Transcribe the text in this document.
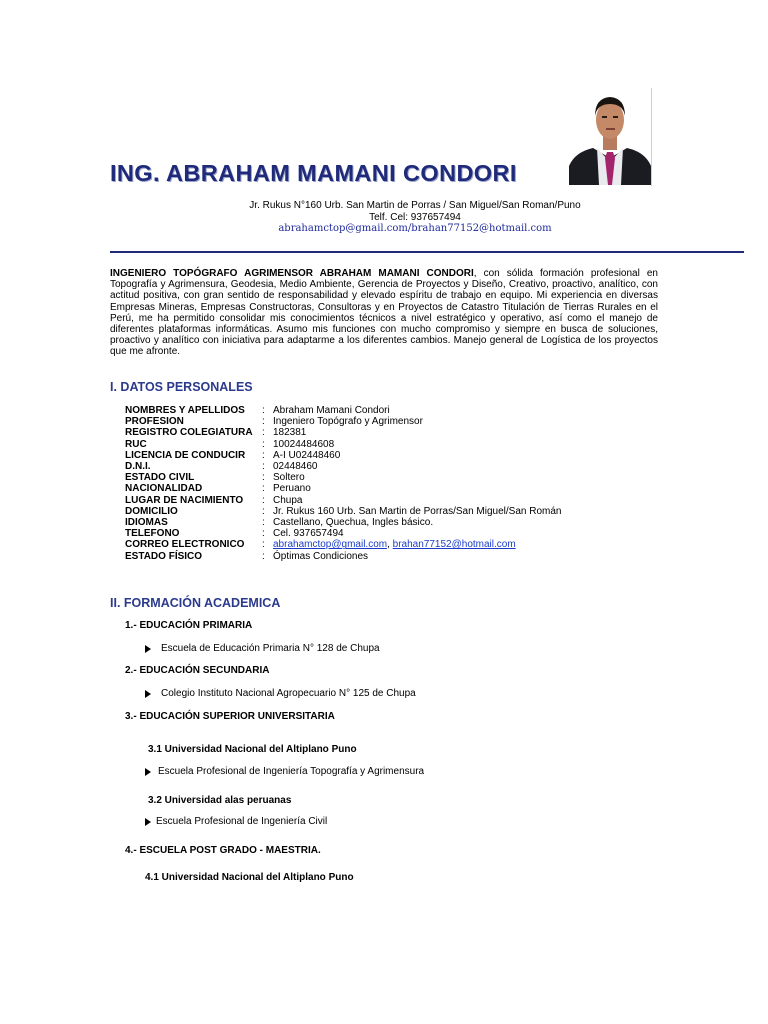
ING. ABRAHAM MAMANI CONDORI
Jr. Rukus N°160 Urb. San Martin de Porras / San Miguel/San Roman/Puno
Telf. Cel: 937657494
abrahamctop@gmail.com/brahan77152@hotmail.com
INGENIERO TOPÓGRAFO AGRIMENSOR ABRAHAM MAMANI CONDORI, con sólida formación profesional en Topografía y Agrimensura, Geodesia, Medio Ambiente, Gerencia de Proyectos y Diseño, Creativo, proactivo, analítico, con actitud positiva, con gran sentido de responsabilidad y elevado espíritu de trabajo en equipo. Mi experiencia en diversas Empresas Mineras, Empresas Constructoras, Consultoras y en Proyectos de Catastro Titulación de Tierras Rurales en el Perú, me ha permitido consolidar mis conocimientos técnicos a nivel estratégico y operativo, así como el manejo de diferentes plataformas informáticas. Asumo mis funciones con mucho compromiso y siempre en busca de soluciones, proactivo y analítico con iniciativa para adaptarme a los diferentes cambios. Manejo general de Logística de los proyectos que me afronte.
I. DATOS PERSONALES
NOMBRES Y APELLIDOS	: Abraham Mamani Condori
PROFESION	: Ingeniero Topógrafo y Agrimensor
REGISTRO COLEGIATURA : 182381
RUC	: 10024484608
LICENCIA DE CONDUCIR	: A-I U02448460
D.N.I.	: 02448460
ESTADO CIVIL	: Soltero
NACIONALIDAD	: Peruano
LUGAR DE NACIMIENTO	: Chupa
DOMICILIO	: Jr. Rukus 160 Urb. San Martin de Porras/San Miguel/San Román
IDIOMAS	: Castellano, Quechua, Ingles básico.
TELEFONO	: Cel. 937657494
CORREO ELECTRONICO	: abrahamctop@gmail.com, brahan77152@hotmail.com
ESTADO FÍSICO	: Óptimas Condiciones
II. FORMACIÓN ACADEMICA
1.- EDUCACIÓN PRIMARIA
Escuela de Educación Primaria N° 128 de Chupa
2.- EDUCACIÓN SECUNDARIA
Colegio Instituto Nacional Agropecuario N° 125 de Chupa
3.- EDUCACIÓN SUPERIOR UNIVERSITARIA
3.1 Universidad Nacional del Altiplano Puno
Escuela Profesional de Ingeniería Topografía y Agrimensura
3.2 Universidad alas peruanas
Escuela Profesional de Ingeniería Civil
4.- ESCUELA POST GRADO - MAESTRIA.
4.1 Universidad Nacional del Altiplano Puno
